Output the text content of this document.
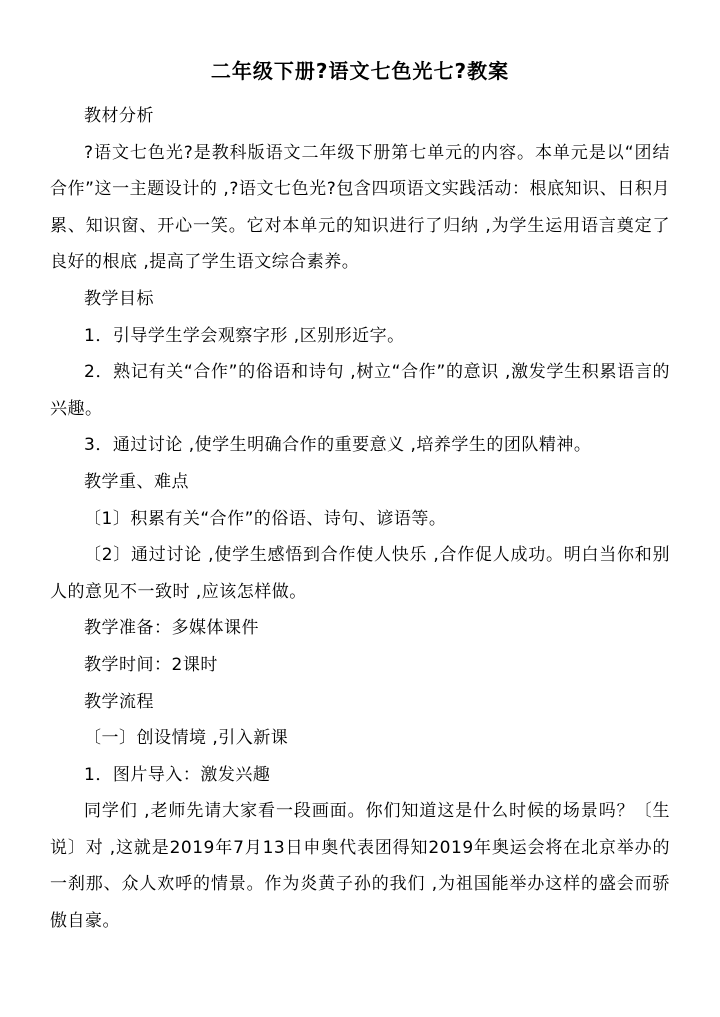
二年级下册?语文七色光七?教案

教材分析

?语文七色光?是教科版语文二年级下册第七单元的内容。本单元是以“团结合作”这一主题设计的 ,?语文七色光?包含四项语文实践活动：根底知识、日积月累、知识窗、开心一笑。它对本单元的知识进行了归纳 ,为学生运用语言奠定了良好的根底 ,提高了学生语文综合素养。

教学目标

1．引导学生学会观察字形 ,区别形近字。

2．熟记有关“合作”的俗语和诗句 ,树立“合作”的意识 ,激发学生积累语言的兴趣。

3．通过讨论 ,使学生明确合作的重要意义 ,培养学生的团队精神。

教学重、难点

〔1〕积累有关“合作”的俗语、诗句、谚语等。

〔2〕通过讨论 ,使学生感悟到合作使人快乐 ,合作促人成功。明白当你和别人的意见不一致时 ,应该怎样做。

教学准备：多媒体课件

教学时间：2课时

教学流程

〔一〕创设情境 ,引入新课

1．图片导入：激发兴趣

同学们 ,老师先请大家看一段画面。你们知道这是什么时候的场景吗？〔生说〕对 ,这就是2019年7月13日申奥代表团得知2019年奥运会将在北京举办的一刹那、众人欢呼的情景。作为炎黄子孙的我们 ,为祖国能举办这样的盛会而骄傲自豪。
